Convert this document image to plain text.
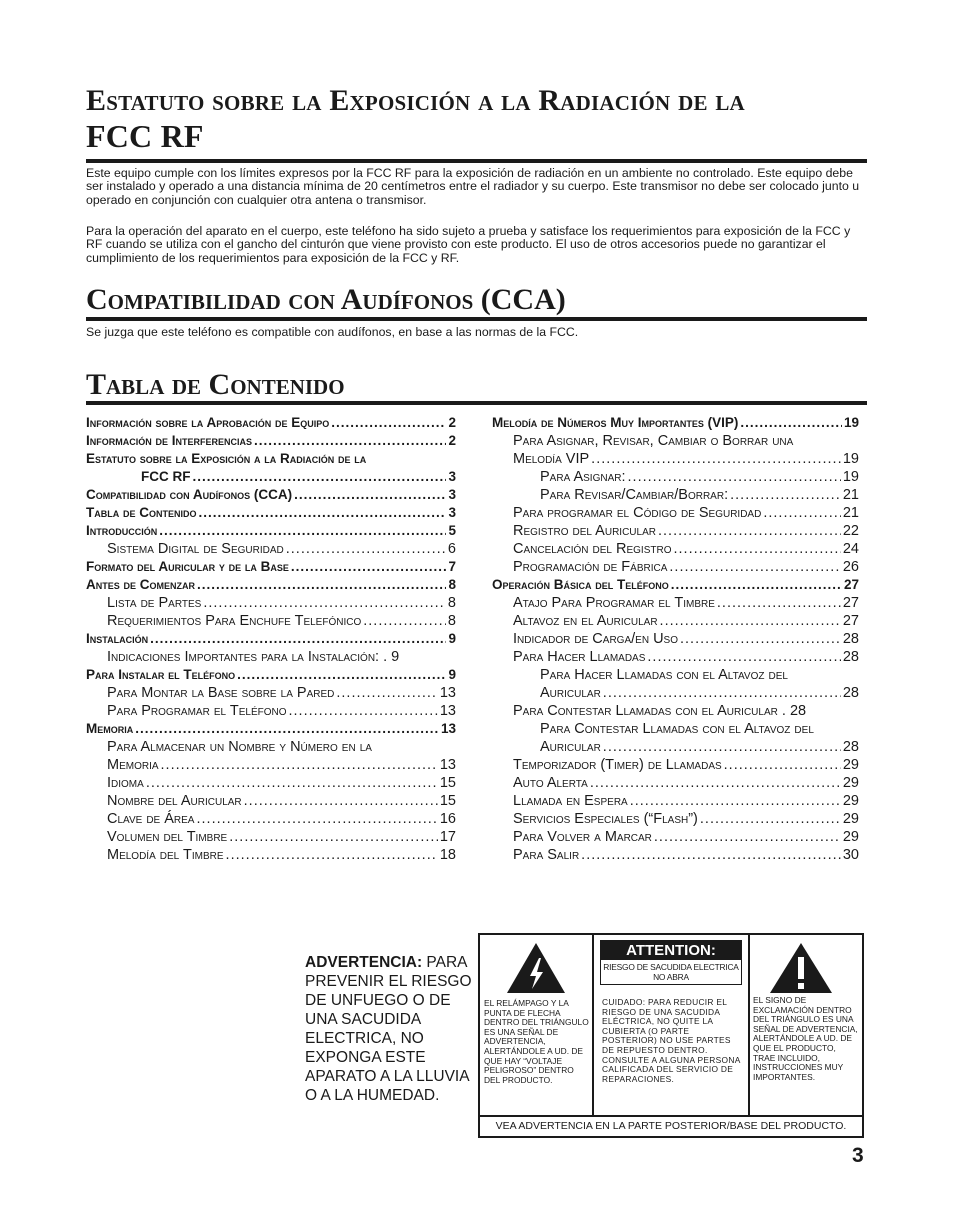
Estatuto sobre la Exposición a la Radiación de la
FCC RF

Este equipo cumple con los límites expresos por la FCC RF para la exposición de radiación en un ambiente no controlado. Este equipo debe ser instalado y operado a una distancia mínima de 20 centímetros entre el radiador y su cuerpo. Este transmisor no debe ser colocado junto u operado en conjunción con cualquier otra antena o transmisor.

Para la operación del aparato en el cuerpo, este teléfono ha sido sujeto a prueba y satisface los requerimientos para exposición de la FCC y RF cuando se utiliza con el gancho del cinturón que viene provisto con este producto. El uso de otros accesorios puede no garantizar el cumplimiento de los requerimientos para exposición de la FCC y RF.

Compatibilidad con Audífonos (CCA)

Se juzga que este teléfono es compatible con audífonos, en base a las normas de la FCC.

Tabla de Contenido
Información sobre la Aprobación de Equipo .....	2
Información de Interferencias .....	2
Estatuto sobre la Exposición a la Radiación de la
FCC RF .....	3
Compatibilidad con Audífonos (CCA) .....	3
Tabla de Contenido .....	3
Introducción .....	5
Sistema Digital de Seguridad .....	6
Formato del Auricular y de la Base .....	7
Antes de Comenzar .....	8
Lista de Partes .....	8
Requerimientos Para Enchufe Telefónico .....	8
Instalación .....	9
Indicaciones Importantes para la Instalación: . 9
Para Instalar el Teléfono .....	9
Para Montar la Base sobre la Pared .....	13
Para Programar el Teléfono .....	13
Memoria .....	13
Para Almacenar un Nombre y Número en la
Memoria .....	13
Idioma .....	15
Nombre del Auricular .....	15
Clave de Área .....	16
Volumen del Timbre .....	17
Melodía del Timbre .....	18
Melodía de Números Muy Importantes (VIP) .....	19
Para Asignar, Revisar, Cambiar o Borrar una
Melodía VIP .....	19
Para Asignar: .....	19
Para Revisar/Cambiar/Borrar: .....	21
Para programar el Código de Seguridad .....	21
Registro del Auricular .....	22
Cancelación del Registro .....	24
Programación de Fábrica .....	26
Operación Básica del Teléfono .....	27
Atajo Para Programar el Timbre .....	27
Altavoz en el Auricular .....	27
Indicador de Carga/en Uso .....	28
Para Hacer Llamadas .....	28
Para Hacer Llamadas con el Altavoz del
Auricular .....	28
Para Contestar Llamadas con el Auricular . 28
Para Contestar Llamadas con el Altavoz del
Auricular .....	28
Temporizador (Timer) de Llamadas .....	29
Auto Alerta .....	29
Llamada en Espera .....	29
Servicios Especiales (“Flash”) .....	29
Para Volver a Marcar .....	29
Para Salir .....	30
ADVERTENCIA: PARA PREVENIR EL RIESGO DE UNFUEGO O DE UNA SACUDIDA ELECTRICA, NO EXPONGA ESTE APARATO A LA LLUVIA O A LA HUMEDAD.

EL RELÁMPAGO Y LA PUNTA DE FLECHA DENTRO DEL TRIÁNGULO ES UNA SEÑAL DE ADVERTENCIA, ALERTÁNDOLE A UD. DE QUE HAY “VOLTAJE PELIGROSO” DENTRO DEL PRODUCTO.

ATTENTION:
RIESGO DE SACUDIDA ELECTRICA NO ABRA

CUIDADO: PARA REDUCIR EL RIESGO DE UNA SACUDIDA ELÉCTRICA, NO QUITE LA CUBIERTA (O PARTE POSTERIOR) NO USE PARTES DE REPUESTO DENTRO. CONSULTE A ALGUNA PERSONA CALIFICADA DEL SERVICIO DE REPARACIONES.

EL SIGNO DE EXCLAMACIÓN DENTRO DEL TRIÁNGULO ES UNA SEÑAL DE ADVERTENCIA, ALERTÁNDOLE A UD. DE QUE EL PRODUCTO, TRAE INCLUIDO, INSTRUCCIONES MUY IMPORTANTES.

VEA ADVERTENCIA EN LA PARTE POSTERIOR/BASE DEL PRODUCTO.
3
